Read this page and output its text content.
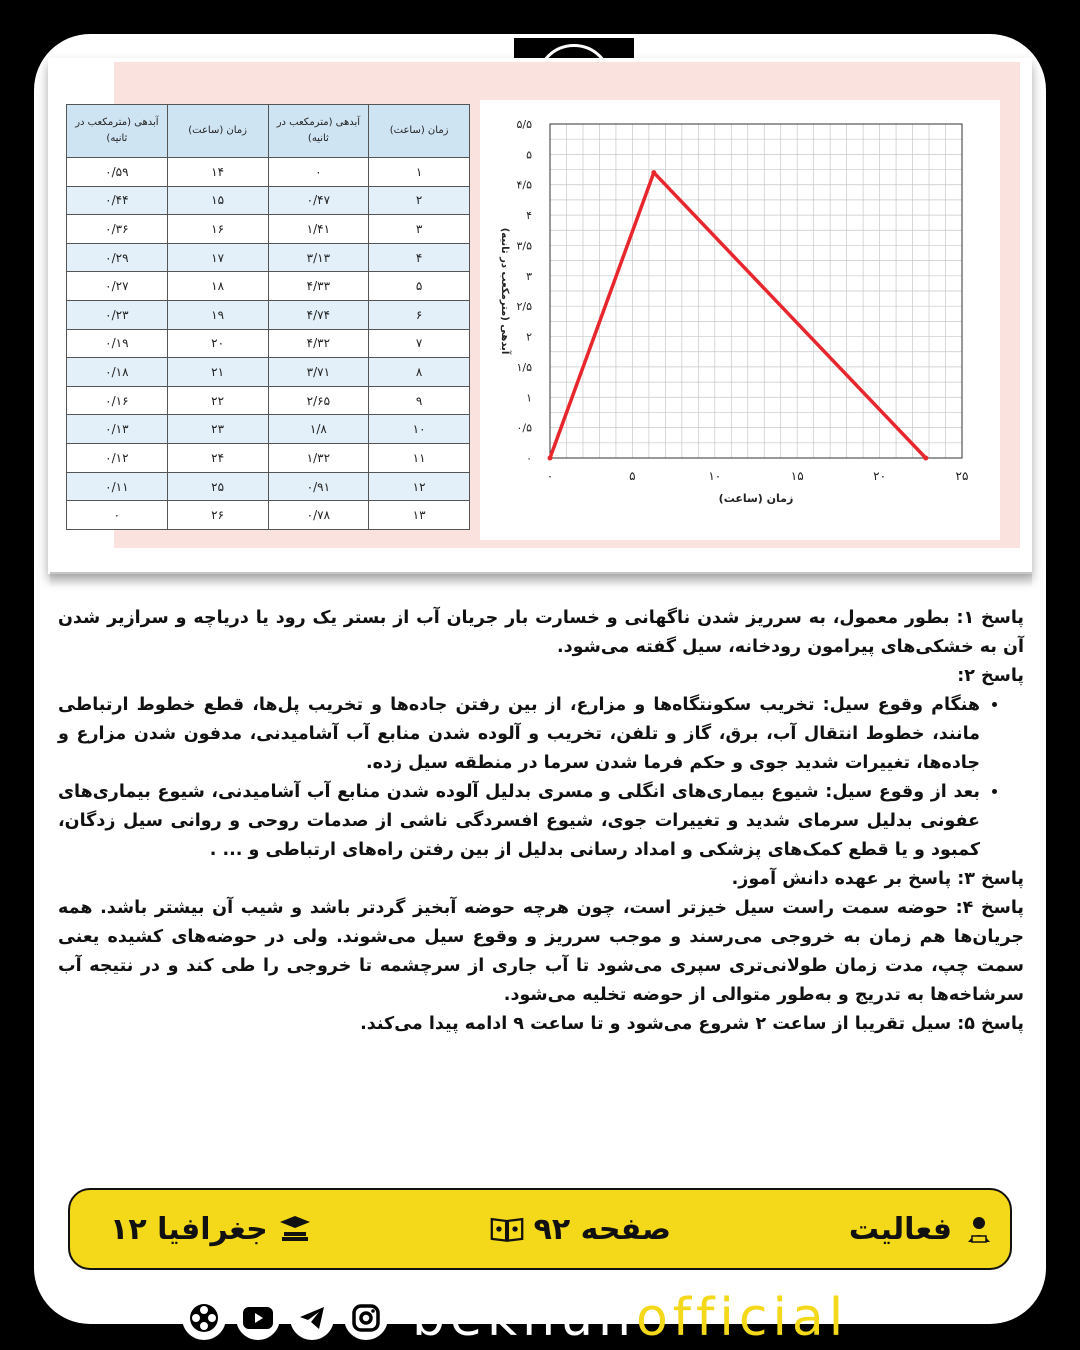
زمان (ساعت)	آبدهی (مترمکعب در ثانیه)	زمان (ساعت)	آبدهی (مترمکعب در ثانیه)
۱	۰	۱۴	۰/۵۹
۲	۰/۴۷	۱۵	۰/۴۴
۳	۱/۴۱	۱۶	۰/۳۶
۴	۳/۱۳	۱۷	۰/۲۹
۵	۴/۳۳	۱۸	۰/۲۷
۶	۴/۷۴	۱۹	۰/۲۳
۷	۴/۳۲	۲۰	۰/۱۹
۸	۳/۷۱	۲۱	۰/۱۸
۹	۲/۶۵	۲۲	۰/۱۶
۱۰	۱/۸	۲۳	۰/۱۳
۱۱	۱/۳۲	۲۴	۰/۱۲
۱۲	۰/۹۱	۲۵	۰/۱۱
۱۳	۰/۷۸	۲۶	۰
۰	۵	۱۰	۱۵	۲۰	۲۵
۰
۰/۵
۱
۱/۵
۲
۲/۵
۳
۳/۵
۴
۴/۵
۵
۵/۵
زمان (ساعت)
آبدهی (مترمکعب در ثانیه)

پاسخ ۱: بطور معمول، به سرریز شدن ناگهانی و خسارت بار جریان آب از بستر یک رود یا دریاچه و سرازیر شدن آن به خشکی‌های پیرامون رودخانه، سیل گفته می‌شود.

پاسخ ۲:

• هنگام وقوع سیل: تخریب سکونتگاه‌ها و مزارع، از بین رفتن جاده‌ها و تخریب پل‌ها، قطع خطوط ارتباطی مانند، خطوط انتقال آب، برق، گاز و تلفن، تخریب و آلوده شدن منابع آب آشامیدنی، مدفون شدن مزارع و جاده‌ها، تغییرات شدید جوی و حکم فرما شدن سرما در منطقه سیل زده.
• بعد از وقوع سیل: شیوع بیماری‌های انگلی و مسری بدلیل آلوده شدن منابع آب آشامیدنی، شیوع بیماری‌های عفونی بدلیل سرمای شدید و تغییرات جوی، شیوع افسردگی ناشی از صدمات روحی و روانی سیل زدگان، کمبود و یا قطع کمک‌های پزشکی و امداد رسانی بدلیل از بین رفتن راه‌های ارتباطی و ... .

پاسخ ۳: پاسخ بر عهده دانش آموز.

پاسخ ۴: حوضه سمت راست سیل خیزتر است، چون هرچه حوضه آبخیز گردتر باشد و شیب آن بیشتر باشد. همه جریان‌ها هم زمان به خروجی می‌رسند و موجب سرریز و وقوع سیل می‌شوند. ولی در حوضه‌های کشیده یعنی سمت چپ، مدت زمان طولانی‌تری سپری می‌شود تا آب جاری از سرچشمه تا خروجی را طی کند و در نتیجه آب سرشاخه‌ها به تدریج و به‌طور متوالی از حوضه تخلیه می‌شود.

پاسخ ۵: سیل تقریبا از ساعت ۲ شروع می‌شود و تا ساعت ۹ ادامه پیدا می‌کند.

فعالیت
صفحه ۹۲
جغرافیا ۱۲
bekhunofficial
